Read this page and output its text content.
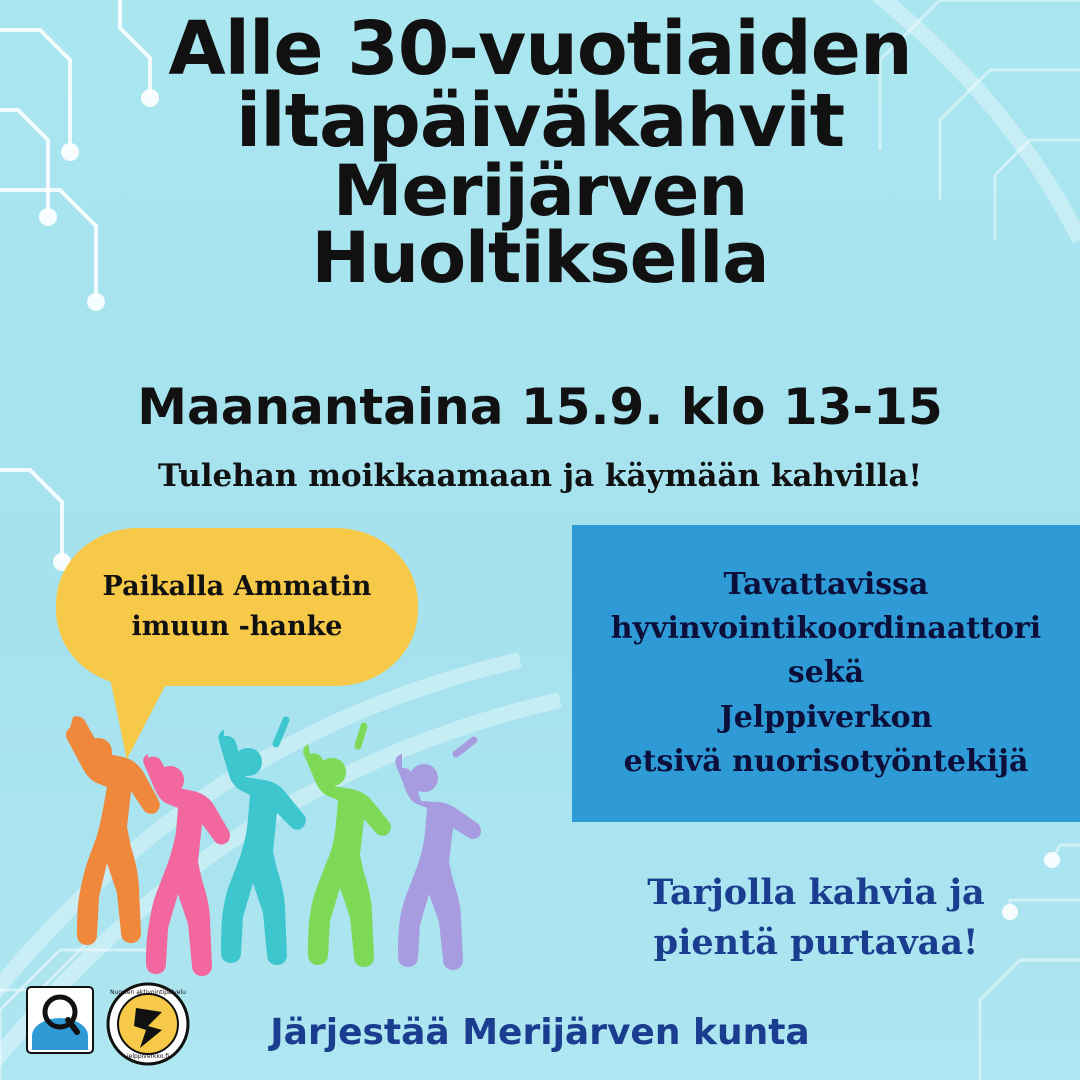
Alle 30-vuotiaiden
iltapäiväkahvit
Merijärven
Huoltiksella
Maanantaina 15.9. klo 13-15
Tulehan moikkaamaan ja käymään kahvilla!
Paikalla Ammatin
imuun -hanke
Tavattavissa
hyvinvointikoordinaattori
sekä
Jelppiverkon
etsivä nuorisotyöntekijä
Tarjolla kahvia ja
pientä purtavaa!
Järjestää Merijärven kunta
Nuorten aktivointipalvelu
jelppiverkko.fi
